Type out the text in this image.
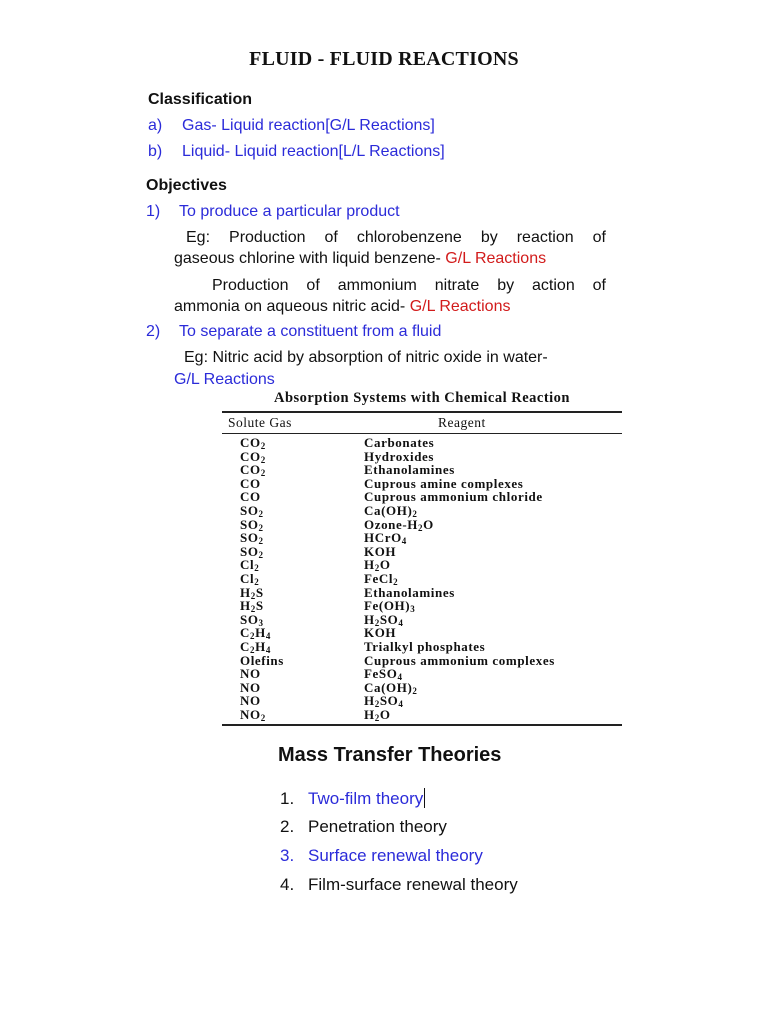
FLUID - FLUID REACTIONS
Classification
a) Gas- Liquid reaction[G/L Reactions]
b) Liquid- Liquid reaction[L/L Reactions]
Objectives
1) To produce a particular product
Eg: Production of chlorobenzene by reaction of
gaseous chlorine with liquid benzene- G/L Reactions
Production of ammonium nitrate by action of
ammonia on aqueous nitric acid- G/L Reactions
2) To separate a constituent from a fluid
Eg: Nitric acid by absorption of nitric oxide in water-
G/L Reactions
Absorption Systems with Chemical Reaction
Solute Gas	Reagent
$CO_2$	Carbonates
$CO_2$	Hydroxides
$CO_2$	Ethanolamines
CO	Cuprous amine complexes
CO	Cuprous ammonium chloride
$SO_2$	$Ca(OH)_2$
$SO_2$	Ozone-$H_2O$
$SO_2$	HCrO$_4$
$SO_2$	KOH
$Cl_2$	$H_2O$
$Cl_2$	FeCl$_2$
$H_2S$	Ethanolamines
$H_2S$	$Fe(OH)_3$
$SO_3$	$H_2SO_4$
$C_2H_4$	KOH
$C_2H_4$	Trialkyl phosphates
Olefins	Cuprous ammonium complexes
NO	FeSO$_4$
NO	$Ca(OH)_2$
NO	$H_2SO_4$
$NO_2$	$H_2O$
Mass Transfer Theories
1. Two-film theory
2. Penetration theory
3. Surface renewal theory
4. Film-surface renewal theory
